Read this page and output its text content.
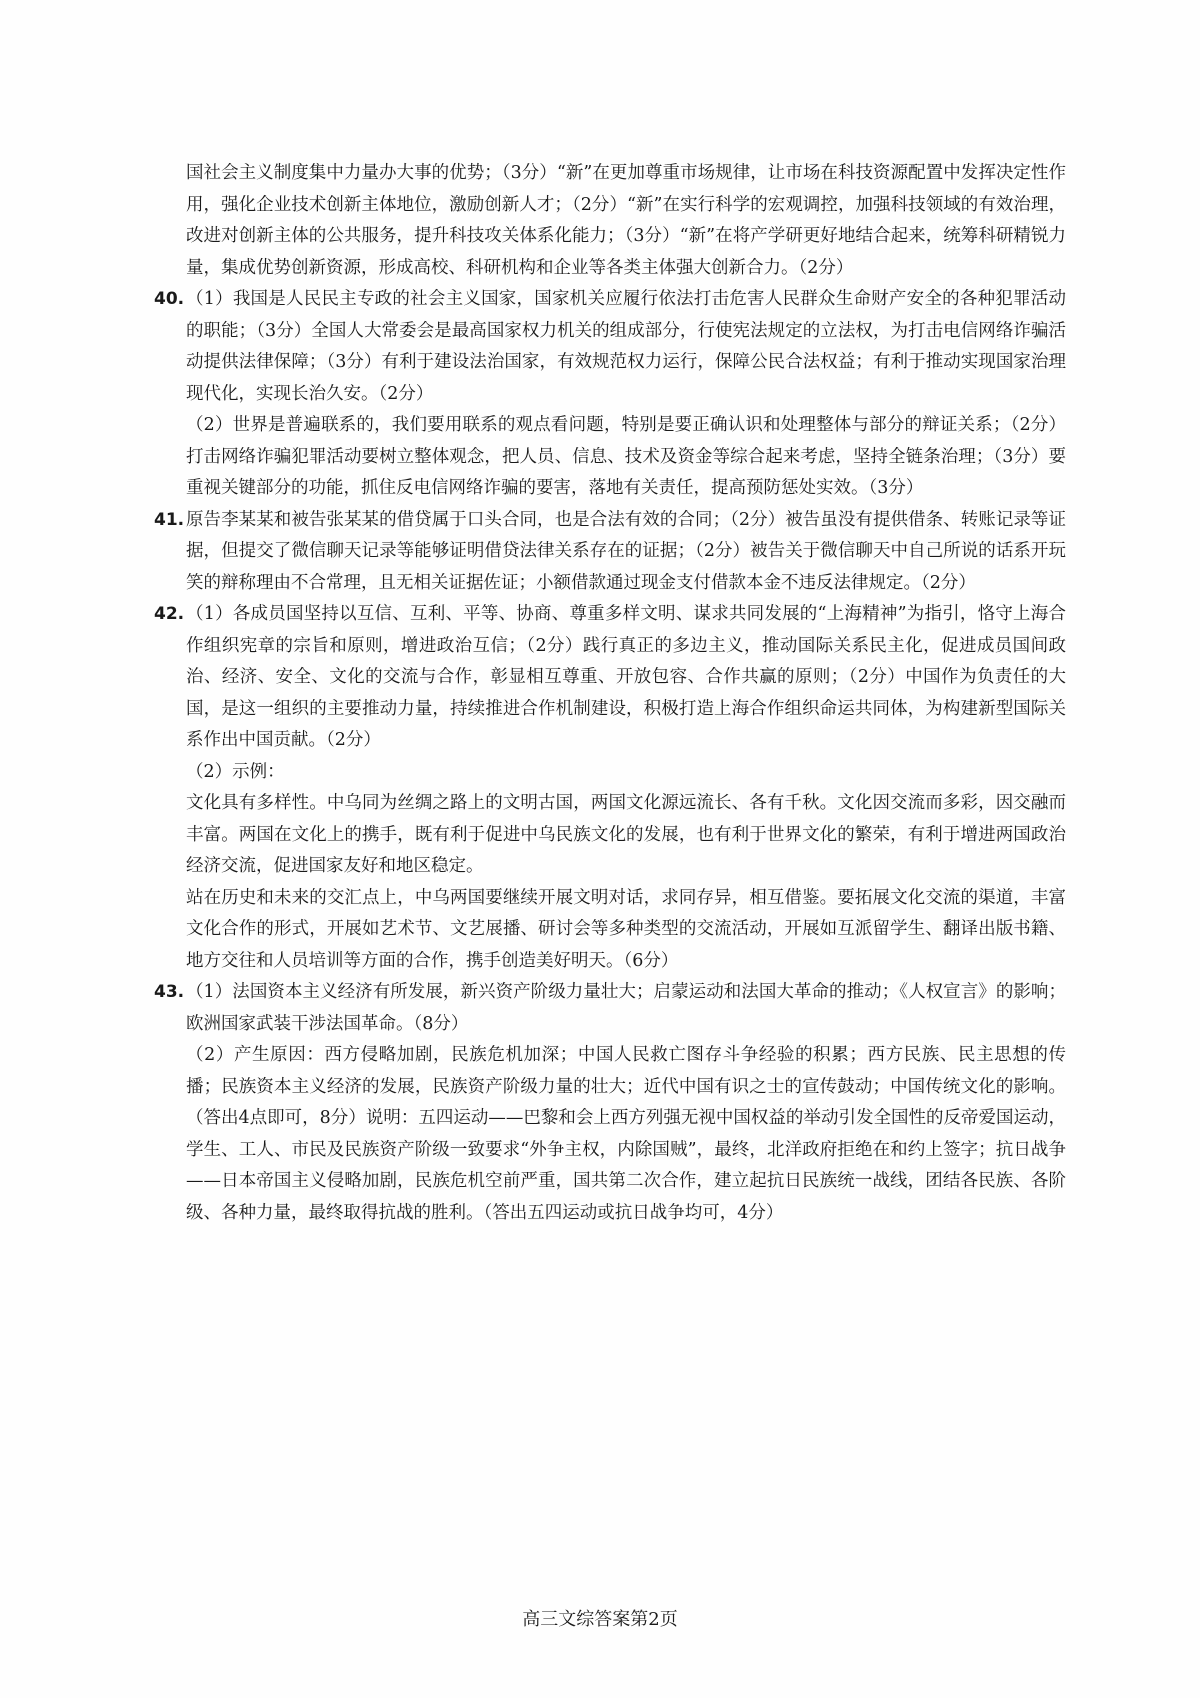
国社会主义制度集中力量办大事的优势；（3分）“新”在更加尊重市场规律，让市场在科技资源配置中发挥决定性作用，强化企业技术创新主体地位，激励创新人才；（2分）“新”在实行科学的宏观调控，加强科技领域的有效治理，改进对创新主体的公共服务，提升科技攻关体系化能力；（3分）“新”在将产学研更好地结合起来，统筹科研精锐力量，集成优势创新资源，形成高校、科研机构和企业等各类主体强大创新合力。（2分）

40. （1）我国是人民民主专政的社会主义国家，国家机关应履行依法打击危害人民群众生命财产安全的各种犯罪活动的职能；（3分）全国人大常委会是最高国家权力机关的组成部分，行使宪法规定的立法权，为打击电信网络诈骗活动提供法律保障；（3分）有利于建设法治国家，有效规范权力运行，保障公民合法权益；有利于推动实现国家治理现代化，实现长治久安。（2分）

（2）世界是普遍联系的，我们要用联系的观点看问题，特别是要正确认识和处理整体与部分的辩证关系；（2分）打击网络诈骗犯罪活动要树立整体观念，把人员、信息、技术及资金等综合起来考虑，坚持全链条治理；（3分）要重视关键部分的功能，抓住反电信网络诈骗的要害，落地有关责任，提高预防惩处实效。（3分）

41. 原告李某某和被告张某某的借贷属于口头合同，也是合法有效的合同；（2分）被告虽没有提供借条、转账记录等证据，但提交了微信聊天记录等能够证明借贷法律关系存在的证据；（2分）被告关于微信聊天中自己所说的话系开玩笑的辩称理由不合常理，且无相关证据佐证；小额借款通过现金支付借款本金不违反法律规定。（2分）

42. （1）各成员国坚持以互信、互利、平等、协商、尊重多样文明、谋求共同发展的“上海精神”为指引，恪守上海合作组织宪章的宗旨和原则，增进政治互信；（2分）践行真正的多边主义，推动国际关系民主化，促进成员国间政治、经济、安全、文化的交流与合作，彰显相互尊重、开放包容、合作共赢的原则；（2分）中国作为负责任的大国，是这一组织的主要推动力量，持续推进合作机制建设，积极打造上海合作组织命运共同体，为构建新型国际关系作出中国贡献。（2分）

（2）示例：

文化具有多样性。中乌同为丝绸之路上的文明古国，两国文化源远流长、各有千秋。文化因交流而多彩，因交融而丰富。两国在文化上的携手，既有利于促进中乌民族文化的发展，也有利于世界文化的繁荣，有利于增进两国政治经济交流，促进国家友好和地区稳定。

站在历史和未来的交汇点上，中乌两国要继续开展文明对话，求同存异，相互借鉴。要拓展文化交流的渠道，丰富文化合作的形式，开展如艺术节、文艺展播、研讨会等多种类型的交流活动，开展如互派留学生、翻译出版书籍、地方交往和人员培训等方面的合作，携手创造美好明天。（6分）

43. （1）法国资本主义经济有所发展，新兴资产阶级力量壮大；启蒙运动和法国大革命的推动；《人权宣言》的影响；欧洲国家武装干涉法国革命。（8分）

（2）产生原因：西方侵略加剧，民族危机加深；中国人民救亡图存斗争经验的积累；西方民族、民主思想的传播；民族资本主义经济的发展，民族资产阶级力量的壮大；近代中国有识之士的宣传鼓动；中国传统文化的影响。（答出4点即可，8分）说明：五四运动——巴黎和会上西方列强无视中国权益的举动引发全国性的反帝爱国运动，学生、工人、市民及民族资产阶级一致要求“外争主权，内除国贼”，最终，北洋政府拒绝在和约上签字；抗日战争——日本帝国主义侵略加剧，民族危机空前严重，国共第二次合作，建立起抗日民族统一战线，团结各民族、各阶级、各种力量，最终取得抗战的胜利。（答出五四运动或抗日战争均可，4分）

高三文综答案第2页
